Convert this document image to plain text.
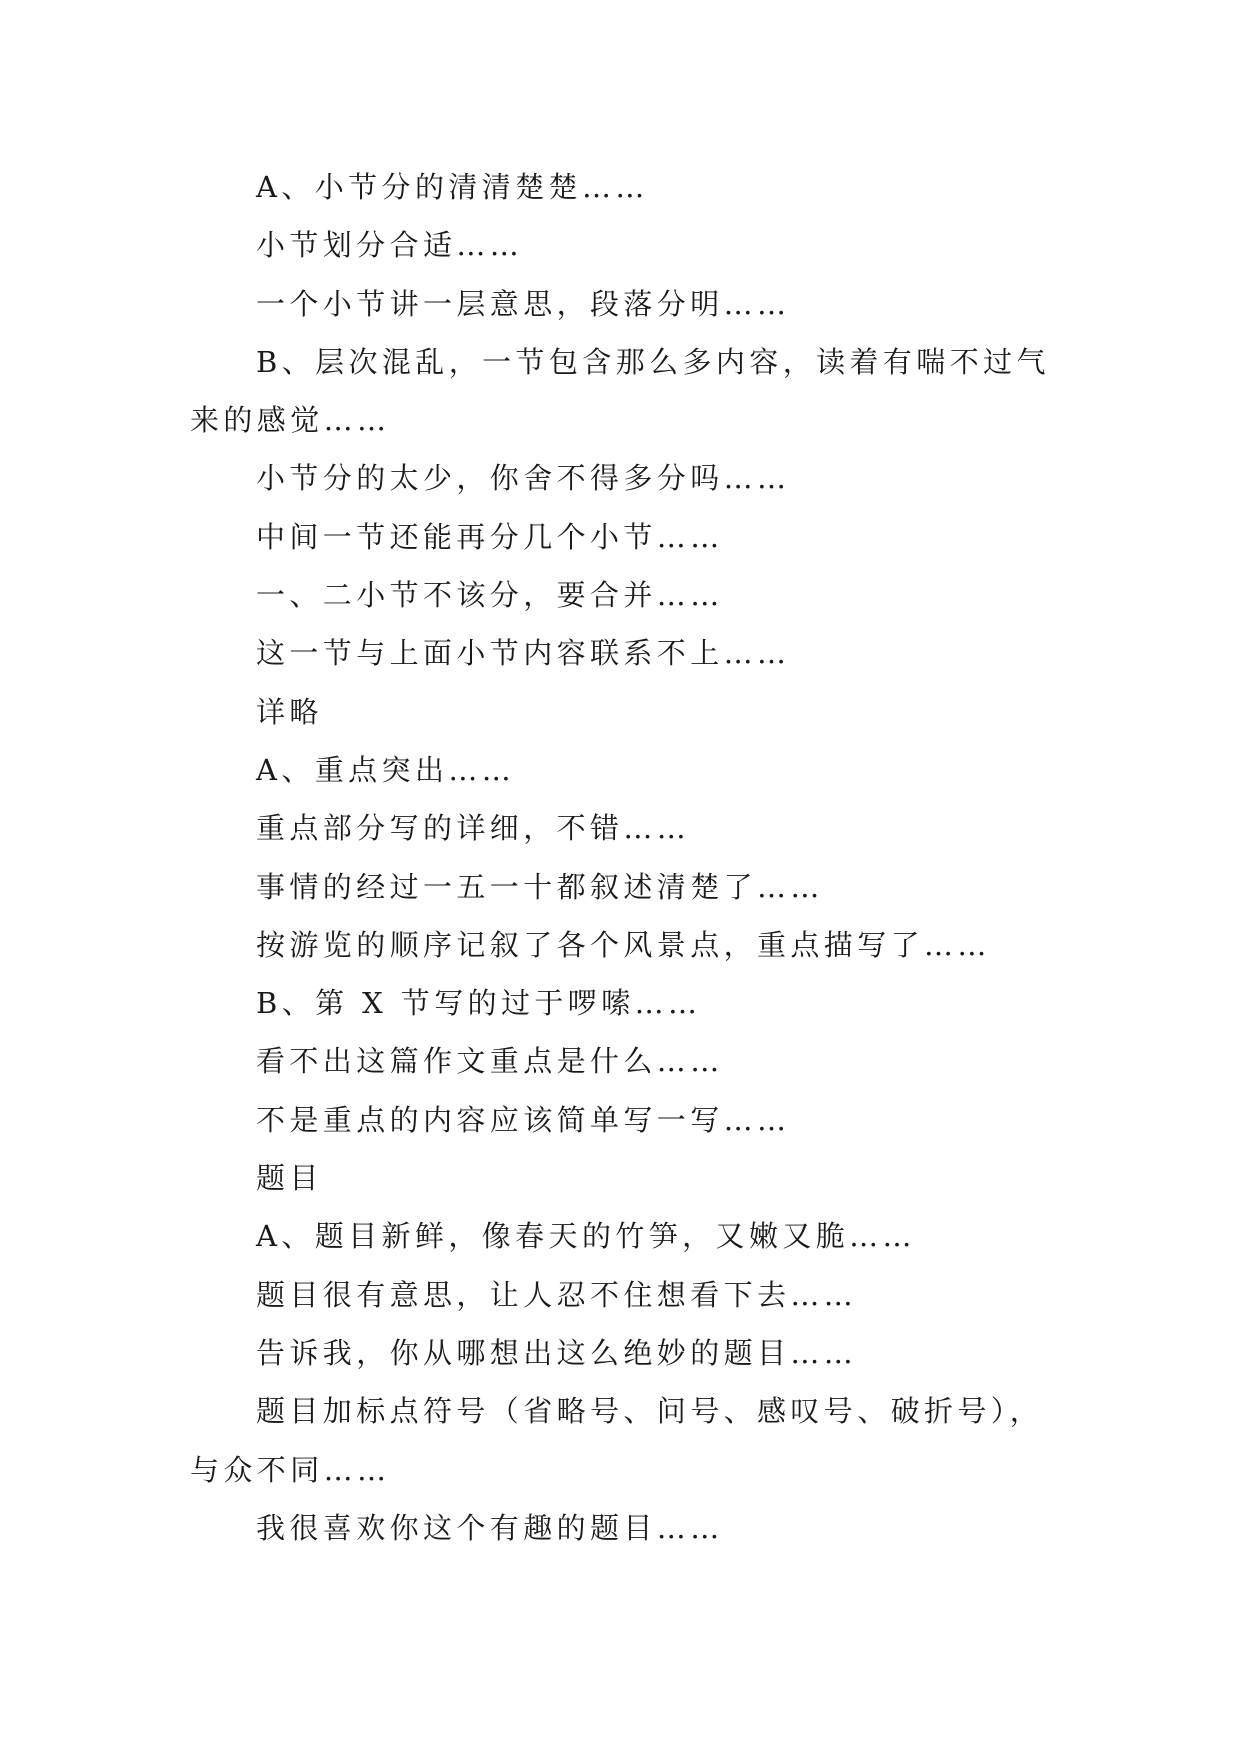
A、小节分的清清楚楚……

小节划分合适……

一个小节讲一层意思，段落分明……

B、层次混乱，一节包含那么多内容，读着有喘不过气来的感觉……

小节分的太少，你舍不得多分吗……

中间一节还能再分几个小节……

一、二小节不该分，要合并……

这一节与上面小节内容联系不上……

详略

A、重点突出……

重点部分写的详细，不错……

事情的经过一五一十都叙述清楚了……

按游览的顺序记叙了各个风景点，重点描写了……

B、第 X 节写的过于啰嗦……

看不出这篇作文重点是什么……

不是重点的内容应该简单写一写……

题目

A、题目新鲜，像春天的竹笋，又嫩又脆……

题目很有意思，让人忍不住想看下去……

告诉我，你从哪想出这么绝妙的题目……

题目加标点符号（省略号、问号、感叹号、破折号），与众不同……

我很喜欢你这个有趣的题目……
